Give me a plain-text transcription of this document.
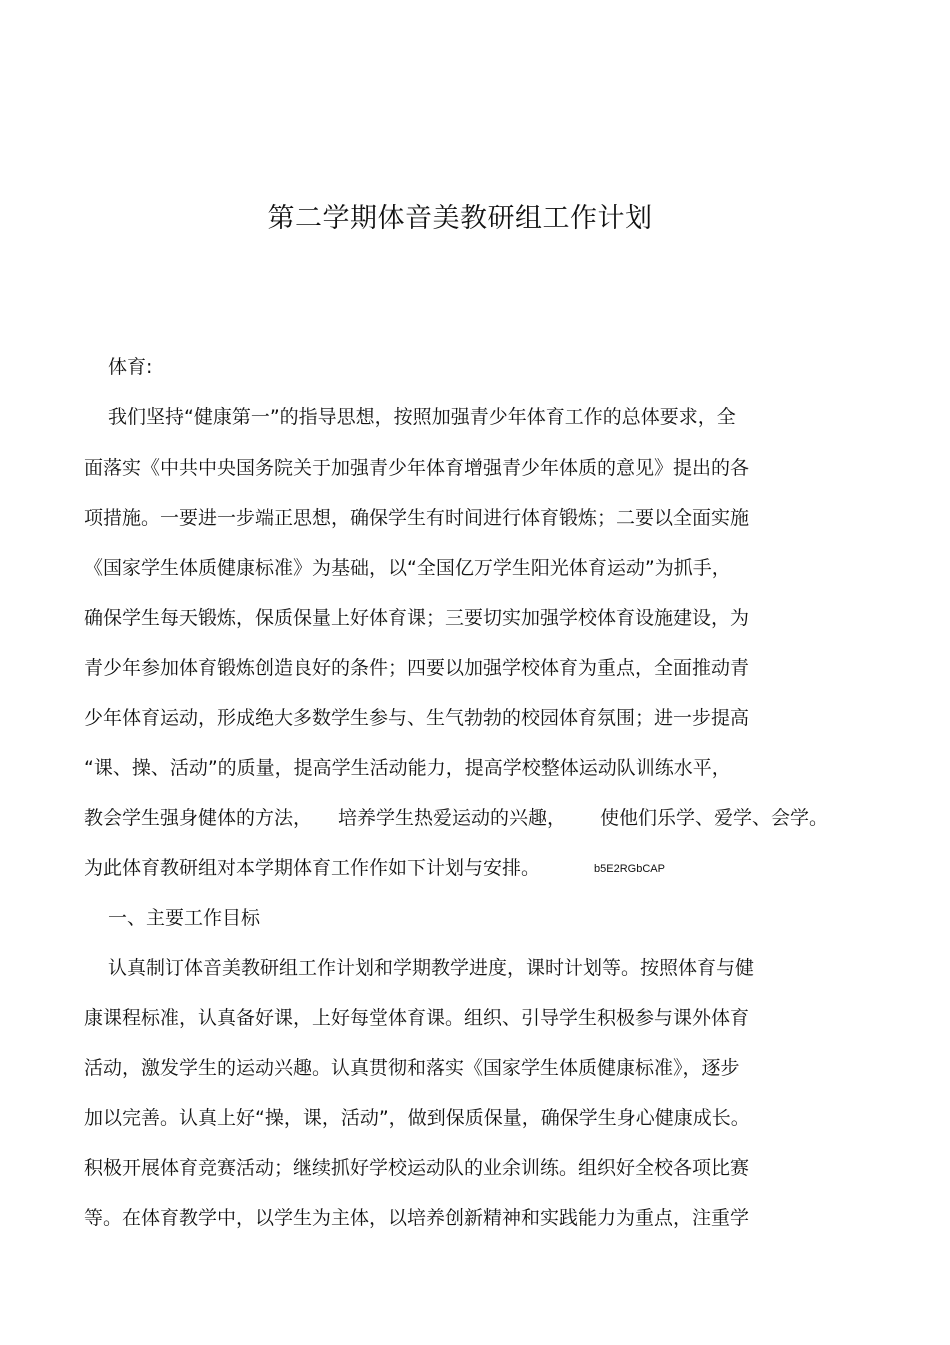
第二学期体音美教研组工作计划
体育:
我们坚持“健康第一”的指导思想，按照加强青少年体育工作的总体要求，全
面落实《中共中央国务院关于加强青少年体育增强青少年体质的意见》提出的各
项措施。一要进一步端正思想，确保学生有时间进行体育锻炼；二要以全面实施
《国家学生体质健康标准》为基础，以“全国亿万学生阳光体育运动”为抓手，
确保学生每天锻炼，保质保量上好体育课；三要切实加强学校体育设施建设，为
青少年参加体育锻炼创造良好的条件；四要以加强学校体育为重点，全面推动青
少年体育运动，形成绝大多数学生参与、生气勃勃的校园体育氛围；进一步提高
“课、操、活动”的质量，提高学生活动能力，提高学校整体运动队训练水平，
教会学生强身健体的方法， 培养学生热爱运动的兴趣， 使他们乐学、爱学、会学。
为此体育教研组对本学期体育工作作如下计划与安排。	b5E2RGbCAP
一、主要工作目标
认真制订体音美教研组工作计划和学期教学进度，课时计划等。按照体育与健
康课程标准，认真备好课，上好每堂体育课。组织、引导学生积极参与课外体育
活动，激发学生的运动兴趣。认真贯彻和落实《国家学生体质健康标准》，逐步
加以完善。认真上好“操，课，活动”，做到保质保量，确保学生身心健康成长。
积极开展体育竞赛活动；继续抓好学校运动队的业余训练。组织好全校各项比赛
等。在体育教学中，以学生为主体，以培养创新精神和实践能力为重点，注重学
